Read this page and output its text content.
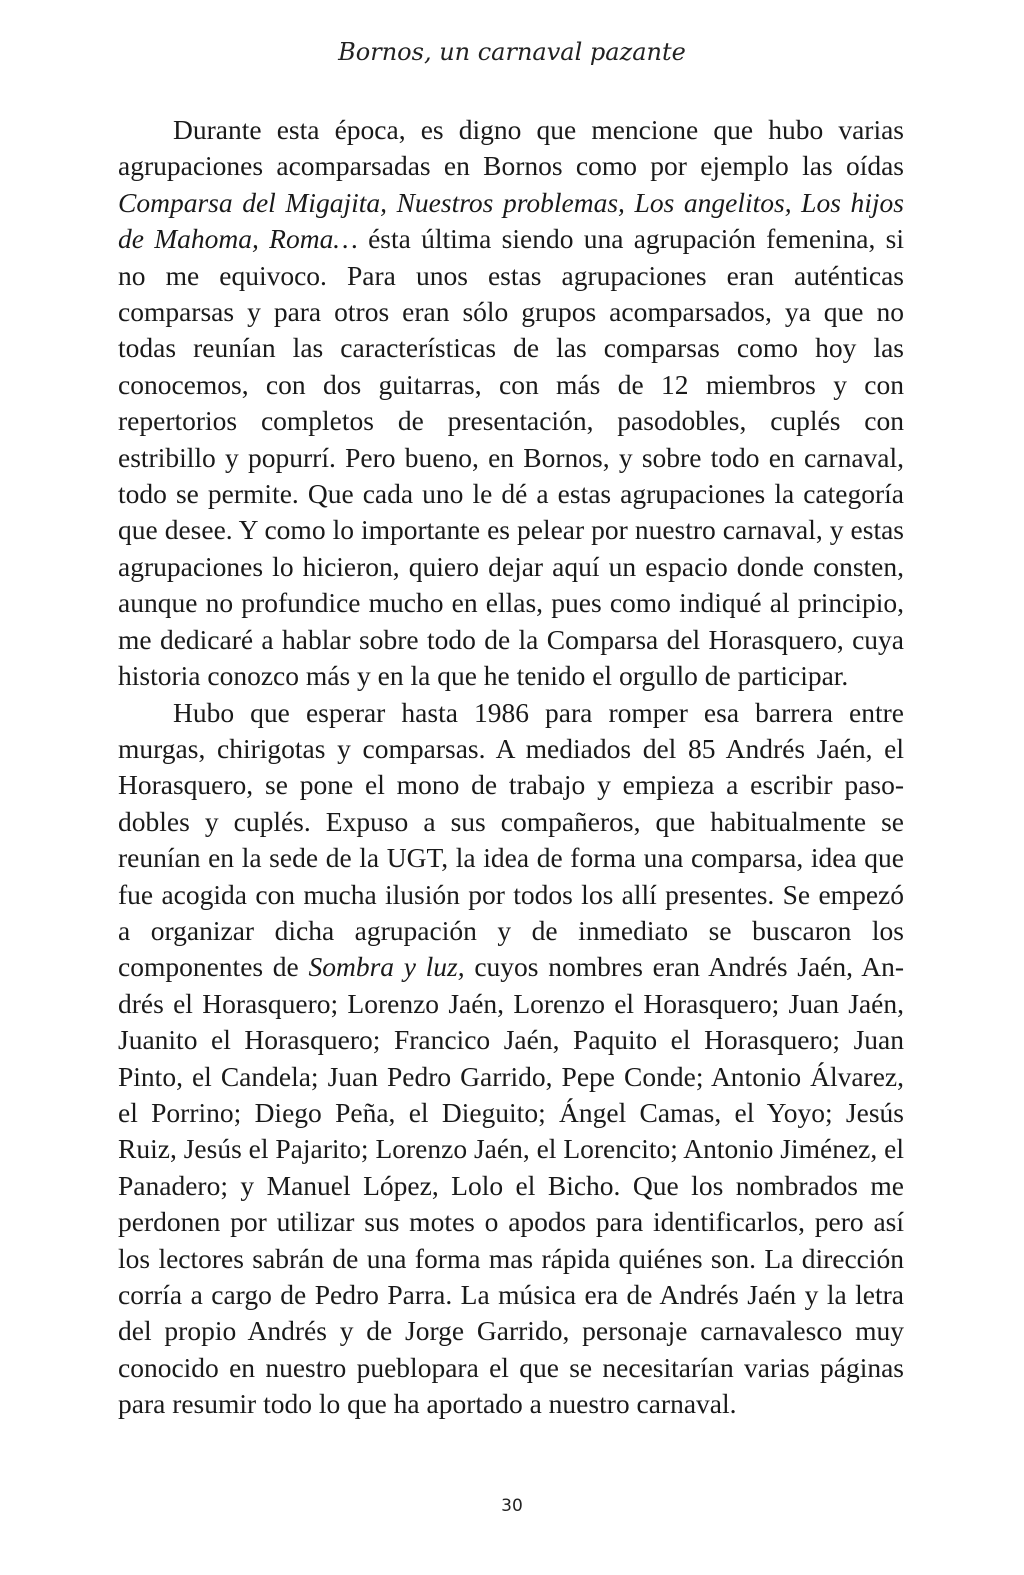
Bornos, un carnaval pazante

Durante esta época, es digno que mencione que hubo varias agrupaciones acomparsadas en Bornos como por ejemplo las oídas Comparsa del Migajita, Nuestros problemas, Los angelitos, Los hijos de Mahoma, Roma… ésta última siendo una agrupación femenina, si no me equivoco. Para unos estas agrupaciones eran auténticas comparsas y para otros eran sólo grupos acomparsados, ya que no todas reunían las características de las comparsas como hoy las conocemos, con dos guitarras, con más de 12 miembros y con repertorios completos de presentación, pasodobles, cuplés con estribillo y popurrí. Pero bueno, en Bornos, y sobre todo en carnaval, todo se permite. Que cada uno le dé a estas agrupaciones la categoría que desee. Y como lo importante es pelear por nuestro carnaval, y estas agrupaciones lo hicieron, quiero dejar aquí un espacio donde consten, aunque no profundice mucho en ellas, pues como indiqué al principio, me dedicaré a hablar sobre todo de la Comparsa del Horasquero, cuya historia conozco más y en la que he tenido el orgullo de participar.

Hubo que esperar hasta 1986 para romper esa barrera entre murgas, chirigotas y comparsas. A mediados del 85 Andrés Jaén, el Horasquero, se pone el mono de trabajo y empieza a escribir pasodobles y cuplés. Expuso a sus compañeros, que habitualmente se reunían en la sede de la UGT, la idea de forma una comparsa, idea que fue acogida con mucha ilusión por todos los allí presentes. Se empezó a organizar dicha agrupación y de inmediato se buscaron los componentes de Sombra y luz, cuyos nombres eran Andrés Jaén, Andrés el Horasquero; Lorenzo Jaén, Lorenzo el Horasquero; Juan Jaén, Juanito el Horasquero; Francico Jaén, Paquito el Horasquero; Juan Pinto, el Candela; Juan Pedro Garrido, Pepe Conde; Antonio Álvarez, el Porrino; Diego Peña, el Dieguito; Ángel Camas, el Yoyo; Jesús Ruiz, Jesús el Pajarito; Lorenzo Jaén, el Lorencito; Antonio Jiménez, el Panadero; y Manuel López, Lolo el Bicho. Que los nombrados me perdonen por utilizar sus motes o apodos para identificarlos, pero así los lectores sabrán de una forma mas rápida quiénes son. La dirección corría a cargo de Pedro Parra. La música era de Andrés Jaén y la letra del propio Andrés y de Jorge Garrido, personaje carnavalesco muy conocido en nuestro pueblopara el que se necesitarían varias páginas para resumir todo lo que ha aportado a nuestro carnaval.

30
